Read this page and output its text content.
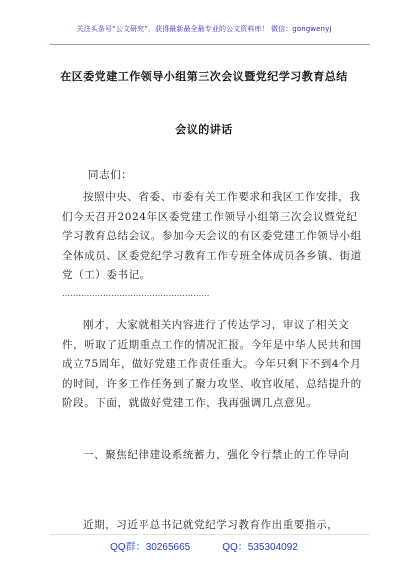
关注头条号“公文研究”，获得最新最全最专业的公文资料库！ 微信：gongwenyj
在区委党建工作领导小组第三次会议暨党纪学习教育总结
会议的讲话
同志们：
按照中央、省委、市委有关工作要求和我区工作安排，我们今天召开2024年区委党建工作领导小组第三次会议暨党纪学习教育总结会议。参加今天会议的有区委党建工作领导小组全体成员、区委党纪学习教育工作专班全体成员各乡镇、街道党（工）委书记。
………………………………………………
刚才，大家就相关内容进行了传达学习，审议了相关文件，听取了近期重点工作的情况汇报。今年是中华人民共和国成立75周年，做好党建工作责任重大。今年只剩下不到4个月的时间，许多工作任务到了聚力攻坚、收官收尾、总结提升的阶段。下面，就做好党建工作，我再强调几点意见。
一、聚焦纪律建设系统蓄力，强化令行禁止的工作导向
近期，习近平总书记就党纪学习教育作出重要指示，
QQ群：30265665	QQ：535304092
